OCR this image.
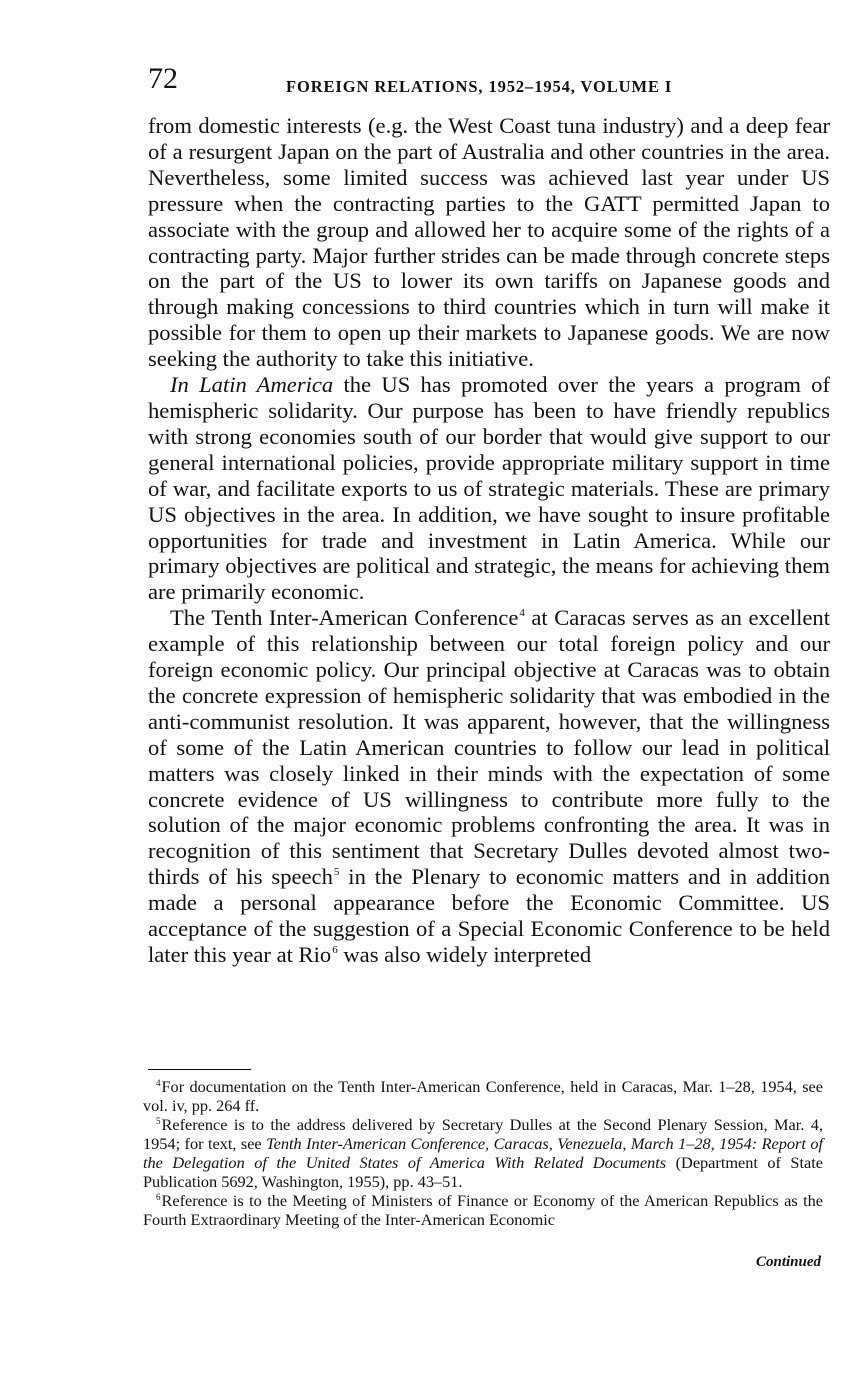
72	FOREIGN RELATIONS, 1952–1954, VOLUME I

from domestic interests (e.g. the West Coast tuna industry) and a deep fear of a resurgent Japan on the part of Australia and other countries in the area. Nevertheless, some limited success was achieved last year under US pressure when the contracting parties to the GATT permitted Japan to associate with the group and allowed her to acquire some of the rights of a contracting party. Major further strides can be made through concrete steps on the part of the US to lower its own tariffs on Japanese goods and through making concessions to third countries which in turn will make it possible for them to open up their markets to Japanese goods. We are now seeking the authority to take this initiative.

In Latin America the US has promoted over the years a program of hemispheric solidarity. Our purpose has been to have friendly republics with strong economies south of our border that would give support to our general international policies, provide appropriate military support in time of war, and facilitate exports to us of strategic materials. These are primary US objectives in the area. In addition, we have sought to insure profitable opportunities for trade and investment in Latin America. While our primary objectives are political and strategic, the means for achieving them are primarily economic.

The Tenth Inter-American Conference$^4$ at Caracas serves as an excellent example of this relationship between our total foreign policy and our foreign economic policy. Our principal objective at Caracas was to obtain the concrete expression of hemispheric solidarity that was embodied in the anti-communist resolution. It was apparent, however, that the willingness of some of the Latin American countries to follow our lead in political matters was closely linked in their minds with the expectation of some concrete evidence of US willingness to contribute more fully to the solution of the major economic problems confronting the area. It was in recognition of this sentiment that Secretary Dulles devoted almost two-thirds of his speech$^5$ in the Plenary to economic matters and in addition made a personal appearance before the Economic Committee. US acceptance of the suggestion of a Special Economic Conference to be held later this year at Rio$^6$ was also widely interpreted

$^4$For documentation on the Tenth Inter-American Conference, held in Caracas, Mar. 1–28, 1954, see vol. iv, pp. 264 ff.

$^5$Reference is to the address delivered by Secretary Dulles at the Second Plenary Session, Mar. 4, 1954; for text, see Tenth Inter-American Conference, Caracas, Venezuela, March 1–28, 1954: Report of the Delegation of the United States of America With Related Documents (Department of State Publication 5692, Washington, 1955), pp. 43–51.

$^6$Reference is to the Meeting of Ministers of Finance or Economy of the American Republics as the Fourth Extraordinary Meeting of the Inter-American Economic

Continued
